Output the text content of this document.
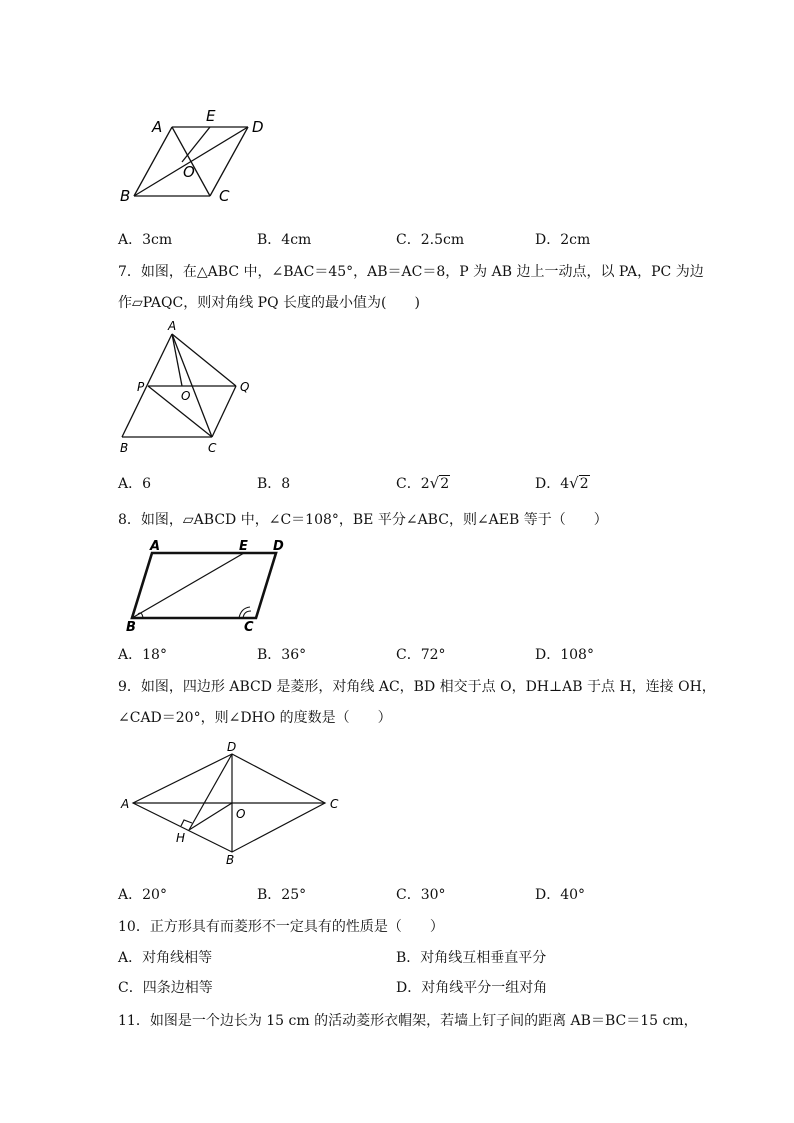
A
E
D
O
B	C
A．3cm	B．4cm	C．2.5cm	D．2cm
7．如图，在△ABC 中，∠BAC＝45°，AB＝AC＝8，P 为 AB 边上一动点，以 PA，PC 为边
作▱PAQC，则对角线 PQ 长度的最小值为(　　)
A
P	Q
O
B	C
A．6	B．8	C．2√2	D．4√2
8．如图，▱ABCD 中，∠C＝108°，BE 平分∠ABC，则∠AEB 等于（　　）
A	E D
B	C
A．18°	B．36°	C．72°	D．108°
9．如图，四边形 ABCD 是菱形，对角线 AC，BD 相交于点 O，DH⊥AB 于点 H，连接 OH，
∠CAD＝20°，则∠DHO 的度数是（　　）
A
D
C
O
H
B
A．20°	B．25°	C．30°	D．40°
10．正方形具有而菱形不一定具有的性质是（　　）
A．对角线相等	B．对角线互相垂直平分
C．四条边相等	D．对角线平分一组对角
11．如图是一个边长为 15 cm 的活动菱形衣帽架，若墙上钉子间的距离 AB＝BC＝15 cm，
